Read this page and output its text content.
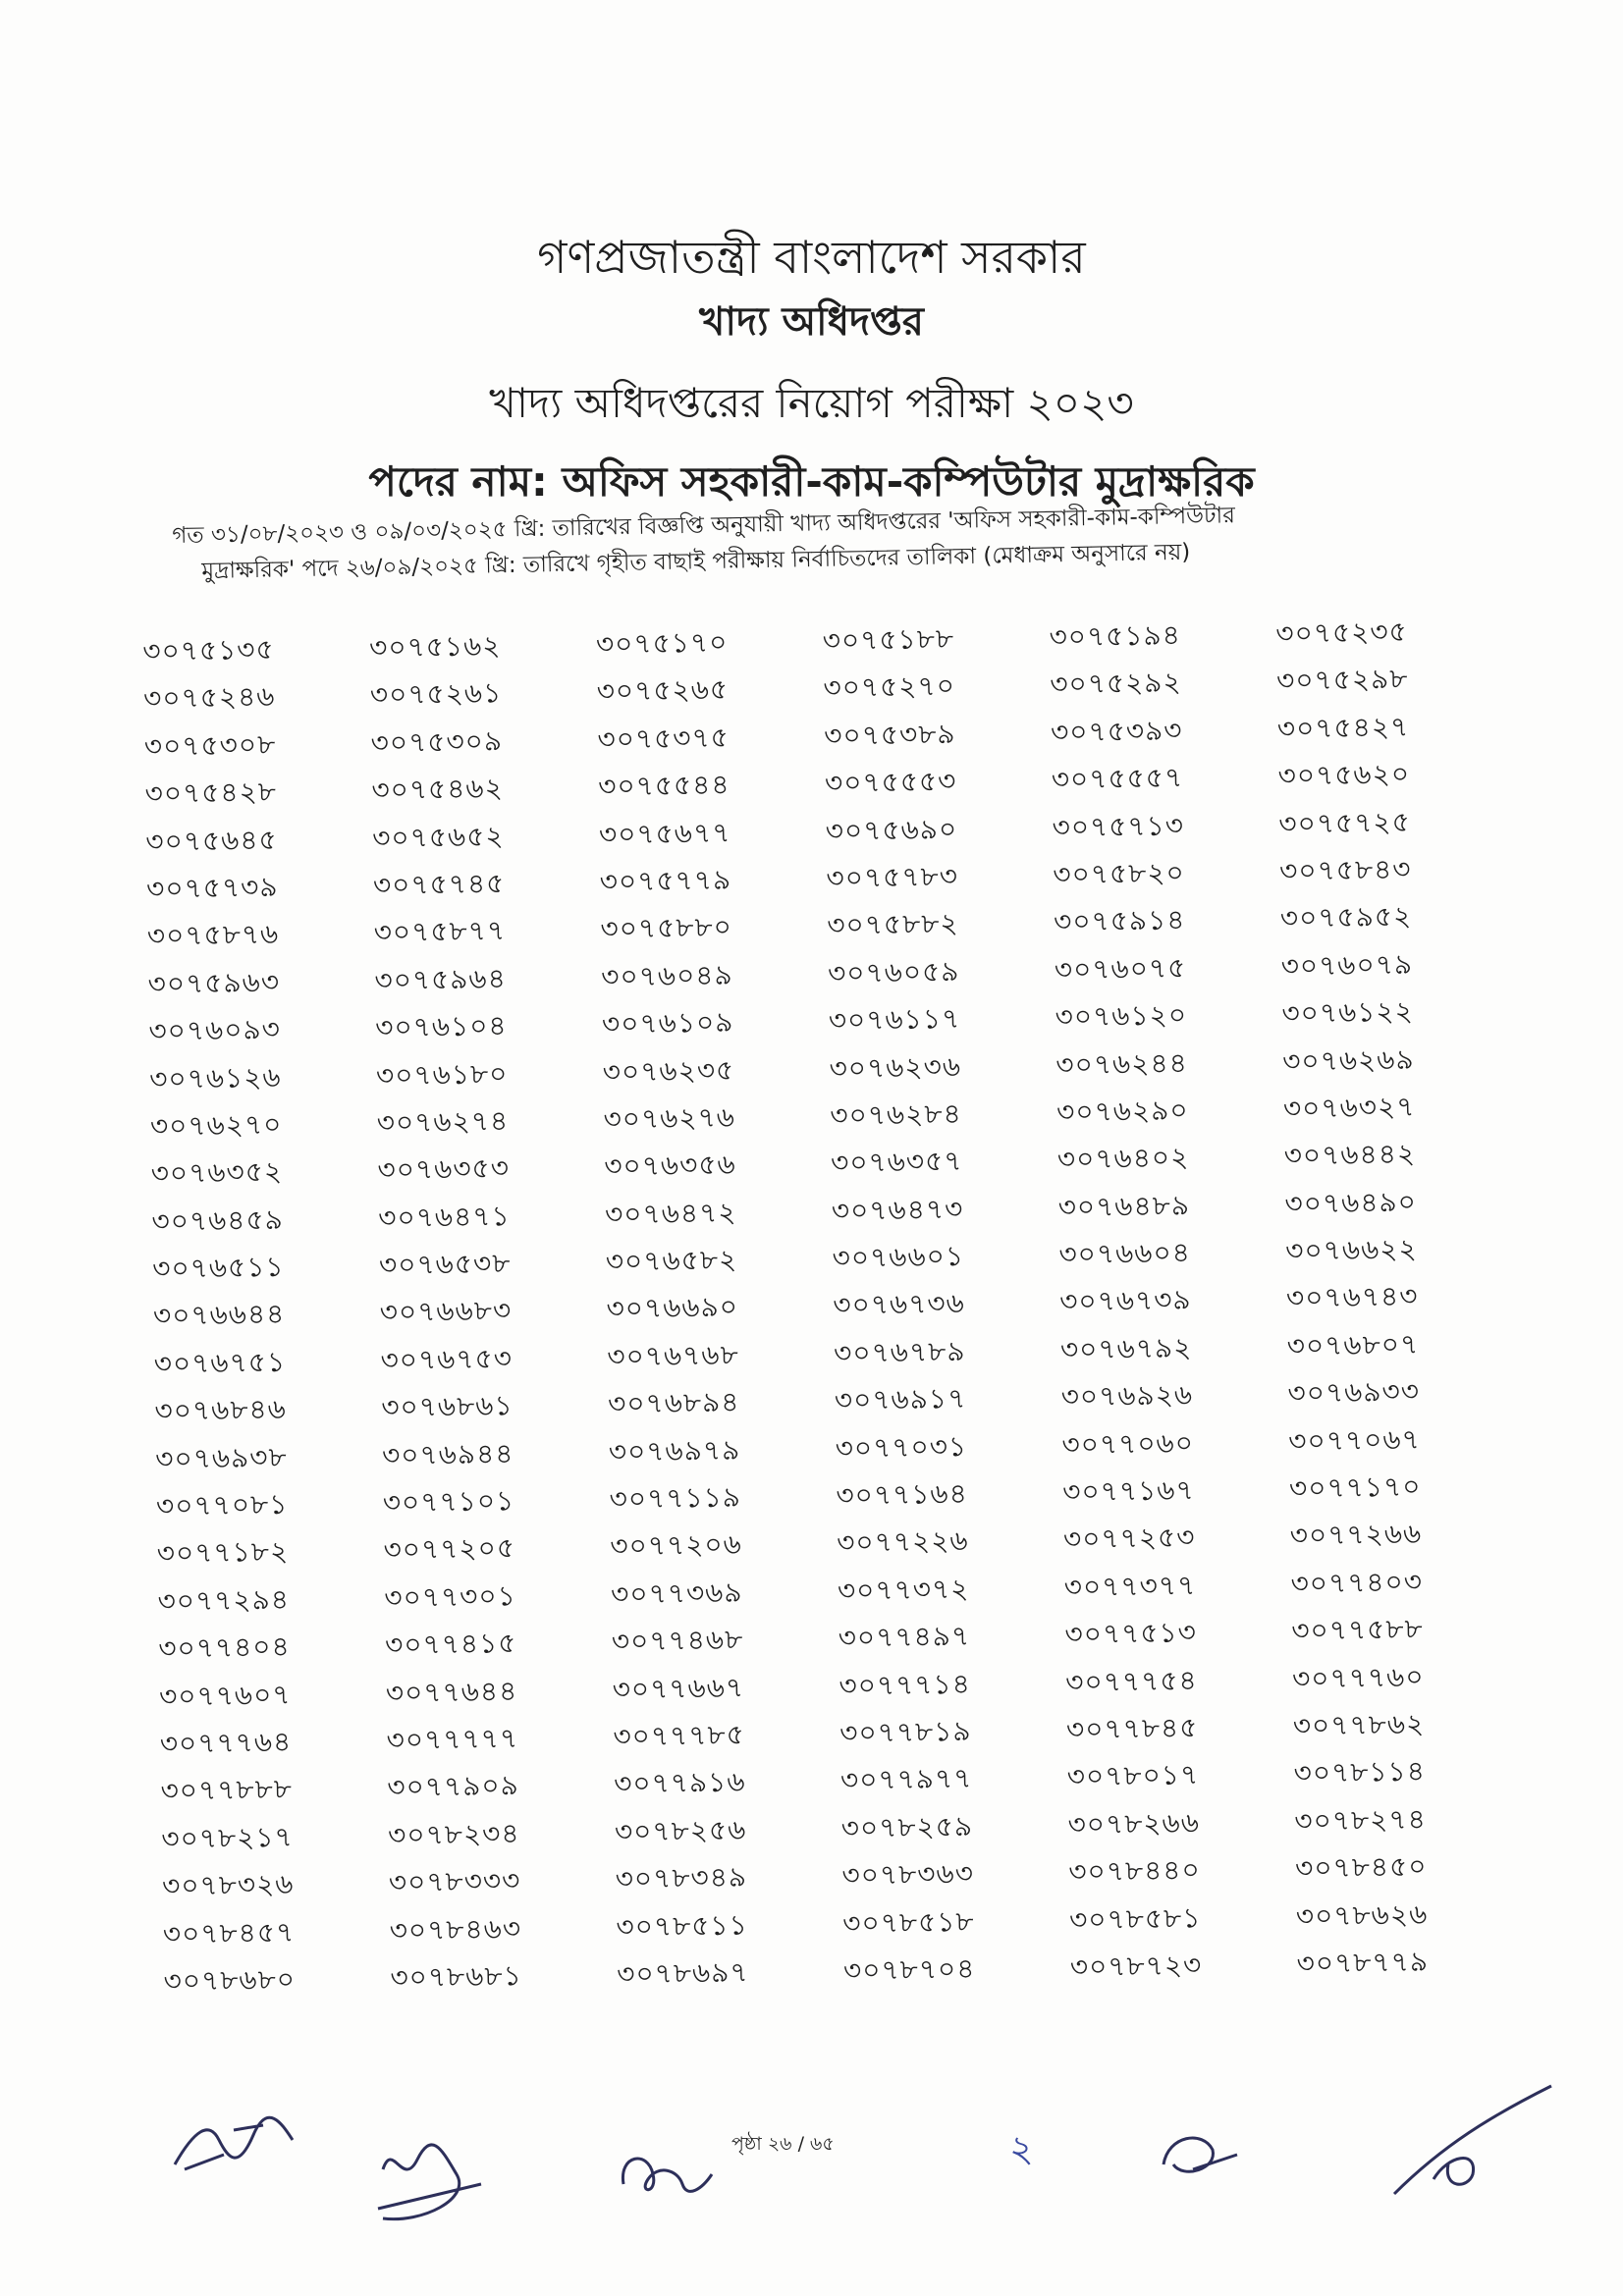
গণপ্রজাতন্ত্রী বাংলাদেশ সরকার
খাদ্য অধিদপ্তর
খাদ্য অধিদপ্তরের নিয়োগ পরীক্ষা ২০২৩
পদের নাম: অফিস সহকারী-কাম-কম্পিউটার মুদ্রাক্ষরিক
গত ৩১/০৮/২০২৩ ও ০৯/০৩/২০২৫ খ্রি: তারিখের বিজ্ঞপ্তি অনুযায়ী খাদ্য অধিদপ্তরের 'অফিস সহকারী-কাম-কম্পিউটার
মুদ্রাক্ষরিক' পদে ২৬/০৯/২০২৫ খ্রি: তারিখে গৃহীত বাছাই পরীক্ষায় নির্বাচিতদের তালিকা (মেধাক্রম অনুসারে নয়)
৩০৭৫১৩৫	৩০৭৫১৬২	৩০৭৫১৭০	৩০৭৫১৮৮	৩০৭৫১৯৪	৩০৭৫২৩৫
৩০৭৫২৪৬	৩০৭৫২৬১	৩০৭৫২৬৫	৩০৭৫২৭০	৩০৭৫২৯২	৩০৭৫২৯৮
৩০৭৫৩০৮	৩০৭৫৩০৯	৩০৭৫৩৭৫	৩০৭৫৩৮৯	৩০৭৫৩৯৩	৩০৭৫৪২৭
৩০৭৫৪২৮	৩০৭৫৪৬২	৩০৭৫৫৪৪	৩০৭৫৫৫৩	৩০৭৫৫৫৭	৩০৭৫৬২০
৩০৭৫৬৪৫	৩০৭৫৬৫২	৩০৭৫৬৭৭	৩০৭৫৬৯০	৩০৭৫৭১৩	৩০৭৫৭২৫
৩০৭৫৭৩৯	৩০৭৫৭৪৫	৩০৭৫৭৭৯	৩০৭৫৭৮৩	৩০৭৫৮২০	৩০৭৫৮৪৩
৩০৭৫৮৭৬	৩০৭৫৮৭৭	৩০৭৫৮৮০	৩০৭৫৮৮২	৩০৭৫৯১৪	৩০৭৫৯৫২
৩০৭৫৯৬৩	৩০৭৫৯৬৪	৩০৭৬০৪৯	৩০৭৬০৫৯	৩০৭৬০৭৫	৩০৭৬০৭৯
৩০৭৬০৯৩	৩০৭৬১০৪	৩০৭৬১০৯	৩০৭৬১১৭	৩০৭৬১২০	৩০৭৬১২২
৩০৭৬১২৬	৩০৭৬১৮০	৩০৭৬২৩৫	৩০৭৬২৩৬	৩০৭৬২৪৪	৩০৭৬২৬৯
৩০৭৬২৭০	৩০৭৬২৭৪	৩০৭৬২৭৬	৩০৭৬২৮৪	৩০৭৬২৯০	৩০৭৬৩২৭
৩০৭৬৩৫২	৩০৭৬৩৫৩	৩০৭৬৩৫৬	৩০৭৬৩৫৭	৩০৭৬৪০২	৩০৭৬৪৪২
৩০৭৬৪৫৯	৩০৭৬৪৭১	৩০৭৬৪৭২	৩০৭৬৪৭৩	৩০৭৬৪৮৯	৩০৭৬৪৯০
৩০৭৬৫১১	৩০৭৬৫৩৮	৩০৭৬৫৮২	৩০৭৬৬০১	৩০৭৬৬০৪	৩০৭৬৬২২
৩০৭৬৬৪৪	৩০৭৬৬৮৩	৩০৭৬৬৯০	৩০৭৬৭৩৬	৩০৭৬৭৩৯	৩০৭৬৭৪৩
৩০৭৬৭৫১	৩০৭৬৭৫৩	৩০৭৬৭৬৮	৩০৭৬৭৮৯	৩০৭৬৭৯২	৩০৭৬৮০৭
৩০৭৬৮৪৬	৩০৭৬৮৬১	৩০৭৬৮৯৪	৩০৭৬৯১৭	৩০৭৬৯২৬	৩০৭৬৯৩৩
৩০৭৬৯৩৮	৩০৭৬৯৪৪	৩০৭৬৯৭৯	৩০৭৭০৩১	৩০৭৭০৬০	৩০৭৭০৬৭
৩০৭৭০৮১	৩০৭৭১০১	৩০৭৭১১৯	৩০৭৭১৬৪	৩০৭৭১৬৭	৩০৭৭১৭০
৩০৭৭১৮২	৩০৭৭২০৫	৩০৭৭২০৬	৩০৭৭২২৬	৩০৭৭২৫৩	৩০৭৭২৬৬
৩০৭৭২৯৪	৩০৭৭৩০১	৩০৭৭৩৬৯	৩০৭৭৩৭২	৩০৭৭৩৭৭	৩০৭৭৪০৩
৩০৭৭৪০৪	৩০৭৭৪১৫	৩০৭৭৪৬৮	৩০৭৭৪৯৭	৩০৭৭৫১৩	৩০৭৭৫৮৮
৩০৭৭৬০৭	৩০৭৭৬৪৪	৩০৭৭৬৬৭	৩০৭৭৭১৪	৩০৭৭৭৫৪	৩০৭৭৭৬০
৩০৭৭৭৬৪	৩০৭৭৭৭৭	৩০৭৭৭৮৫	৩০৭৭৮১৯	৩০৭৭৮৪৫	৩০৭৭৮৬২
৩০৭৭৮৮৮	৩০৭৭৯০৯	৩০৭৭৯১৬	৩০৭৭৯৭৭	৩০৭৮০১৭	৩০৭৮১১৪
৩০৭৮২১৭	৩০৭৮২৩৪	৩০৭৮২৫৬	৩০৭৮২৫৯	৩০৭৮২৬৬	৩০৭৮২৭৪
৩০৭৮৩২৬	৩০৭৮৩৩৩	৩০৭৮৩৪৯	৩০৭৮৩৬৩	৩০৭৮৪৪০	৩০৭৮৪৫০
৩০৭৮৪৫৭	৩০৭৮৪৬৩	৩০৭৮৫১১	৩০৭৮৫১৮	৩০৭৮৫৮১	৩০৭৮৬২৬
৩০৭৮৬৮০	৩০৭৮৬৮১	৩০৭৮৬৯৭	৩০৭৮৭০৪	৩০৭৮৭২৩	৩০৭৮৭৭৯
পৃষ্ঠা ২৬ / ৬৫	২
